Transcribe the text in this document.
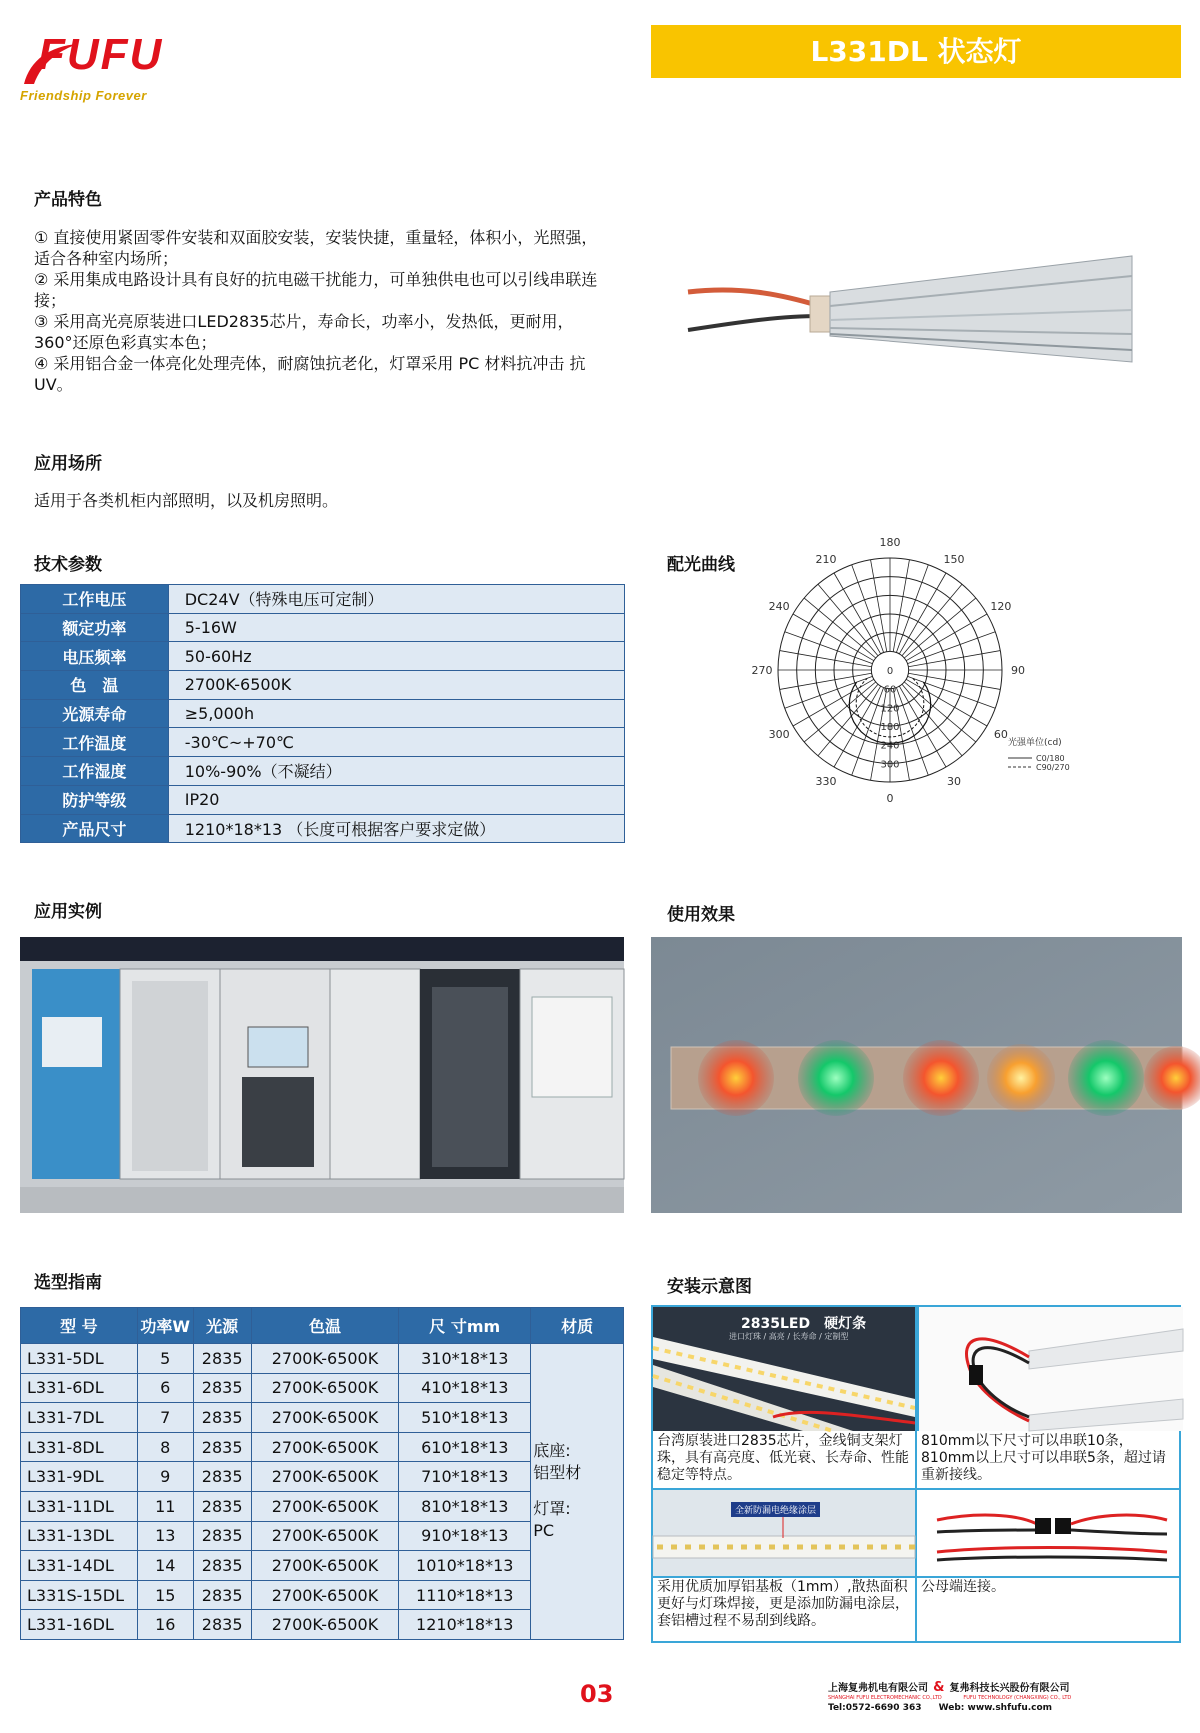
FUFU
Friendship Forever
L331DL 状态灯
产品特色
① 直接使用紧固零件安装和双面胶安装，安装快捷，重量轻，体积小，光照强，适合各种室内场所；
② 采用集成电路设计具有良好的抗电磁干扰能力，可单独供电也可以引线串联连接；
③ 采用高光亮原装进口LED2835芯片，寿命长，功率小，发热低，更耐用，360°还原色彩真实本色；
④ 采用铝合金一体亮化处理壳体，耐腐蚀抗老化，灯罩采用 PC 材料抗冲击 抗 UV。
应用场所
适用于各类机柜内部照明，以及机房照明。
技术参数
工作电压	DC24V（特殊电压可定制）
额定功率	5-16W
电压频率	50-60Hz
色　温	2700K-6500K
光源寿命	≥5,000h
工作温度	-30℃~+70℃
工作湿度	10%-90%（不凝结）
防护等级	IP20
产品尺寸	1210*18*13 （长度可根据客户要求定做）
配光曲线
180
210	150
240	120
270	90
300	60
330	30
0
0
60
120
180
240
300
光强单位(cd)
C0/180
C90/270
应用实例	使用效果
选型指南
型 号	功率W	光源	色温	尺 寸mm	材质
L331-5DL	5	2835	2700K-6500K	310*18*13	底座:
铝型材
灯罩:
PC

L331-6DL	6	2835	2700K-6500K	410*18*13	
L331-7DL	7	2835	2700K-6500K	510*18*13	
L331-8DL	8	2835	2700K-6500K	610*18*13	
L331-9DL	9	2835	2700K-6500K	710*18*13	
L331-11DL	11	2835	2700K-6500K	810*18*13	
L331-13DL	13	2835	2700K-6500K	910*18*13	
L331-14DL	14	2835	2700K-6500K	1010*18*13	
L331S-15DL	15	2835	2700K-6500K	1110*18*13	
L331-16DL	16	2835	2700K-6500K	1210*18*13	
安装示意图
2835LED　硬灯条
进口灯珠 / 高亮 / 长寿命 / 定制型
台湾原装进口2835芯片，金线铜支架灯珠，具有高亮度、低光衰、长寿命、性能稳定等特点。
810mm以下尺寸可以串联10条，810mm以上尺寸可以串联5条，超过请重新接线。
全新防漏电绝缘涂层
采用优质加厚铝基板（1mm）,散热面积更好与灯珠焊接，更是添加防漏电涂层，套铝槽过程不易刮到线路。
公母端连接。
03	上海复弗机电有限公司 & 复弗科技长兴股份有限公司
SHANGHAI FUFU ELECTROMECHANIC CO.,LTD	FUFU TECHNOLOGY (CHANGXING) CO., LTD
Tel:0572-6690 363 Web: www.shfufu.com
